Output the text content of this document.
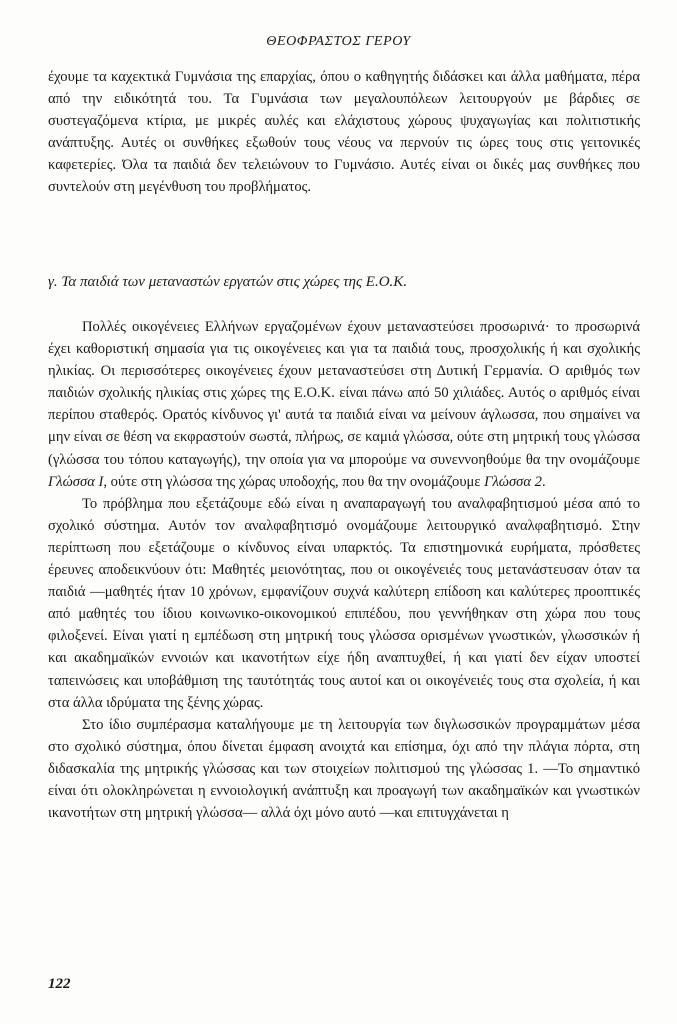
ΘΕΟΦΡΑΣΤΟΣ ΓΕΡΟΥ

έχουμε τα καχεκτικά Γυμνάσια της επαρχίας, όπου ο καθηγητής διδάσκει και άλλα μαθήματα, πέρα από την ειδικότητά του. Τα Γυμνάσια των μεγαλουπόλεων λειτουργούν με βάρδιες σε συστεγαζόμενα κτίρια, με μικρές αυλές και ελάχιστους χώρους ψυχαγωγίας και πολιτιστικής ανάπτυξης. Αυτές οι συνθήκες εξωθούν τους νέους να περνούν τις ώρες τους στις γειτονικές καφετερίες. Όλα τα παιδιά δεν τελειώνουν το Γυμνάσιο. Αυτές είναι οι δικές μας συνθήκες που συντελούν στη μεγένθυση του προβλήματος.

γ. Τα παιδιά των μεταναστών εργατών στις χώρες της Ε.Ο.Κ.

Πολλές οικογένειες Ελλήνων εργαζομένων έχουν μεταναστεύσει προσωρινά· το προσωρινά έχει καθοριστική σημασία για τις οικογένειες και για τα παιδιά τους, προσχολικής ή και σχολικής ηλικίας. Οι περισσότερες οικογένειες έχουν μεταναστεύσει στη Δυτική Γερμανία. Ο αριθμός των παιδιών σχολικής ηλικίας στις χώρες της Ε.Ο.Κ. είναι πάνω από 50 χιλιάδες. Αυτός ο αριθμός είναι περίπου σταθερός. Ορατός κίνδυνος γι' αυτά τα παιδιά είναι να μείνουν άγλωσσα, που σημαίνει να μην είναι σε θέση να εκφραστούν σωστά, πλήρως, σε καμιά γλώσσα, ούτε στη μητρική τους γλώσσα (γλώσσα του τόπου καταγωγής), την οποία για να μπορούμε να συνεννοηθούμε θα την ονομάζουμε Γλώσσα Ι, ούτε στη γλώσσα της χώρας υποδοχής, που θα την ονομάζουμε Γλώσσα 2.

Το πρόβλημα που εξετάζουμε εδώ είναι η αναπαραγωγή του αναλφαβητισμού μέσα από το σχολικό σύστημα. Αυτόν τον αναλφαβητισμό ονομάζουμε λειτουργικό αναλφαβητισμό. Στην περίπτωση που εξετάζουμε ο κίνδυνος είναι υπαρκτός. Τα επιστημονικά ευρήματα, πρόσθετες έρευνες αποδεικνύουν ότι: Μαθητές μειονότητας, που οι οικογένειές τους μετανάστευσαν όταν τα παιδιά —μαθητές ήταν 10 χρόνων, εμφανίζουν συχνά καλύτερη επίδοση και καλύτερες προοπτικές από μαθητές του ίδιου κοινωνικο-οικονομικού επιπέδου, που γεννήθηκαν στη χώρα που τους φιλοξενεί. Είναι γιατί η εμπέδωση στη μητρική τους γλώσσα ορισμένων γνωστικών, γλωσσικών ή και ακαδημαϊκών εννοιών και ικανοτήτων είχε ήδη αναπτυχθεί, ή και γιατί δεν είχαν υποστεί ταπεινώσεις και υποβάθμιση της ταυτότητάς τους αυτοί και οι οικογένειές τους στα σχολεία, ή και στα άλλα ιδρύματα της ξένης χώρας.

Στο ίδιο συμπέρασμα καταλήγουμε με τη λειτουργία των διγλωσσικών προγραμμάτων μέσα στο σχολικό σύστημα, όπου δίνεται έμφαση ανοιχτά και επίσημα, όχι από την πλάγια πόρτα, στη διδασκαλία της μητρικής γλώσσας και των στοιχείων πολιτισμού της γλώσσας 1. —Το σημαντικό είναι ότι ολοκληρώνεται η εννοιολογική ανάπτυξη και προαγωγή των ακαδημαϊκών και γνωστικών ικανοτήτων στη μητρική γλώσσα— αλλά όχι μόνο αυτό —και επιτυγχάνεται η

122
